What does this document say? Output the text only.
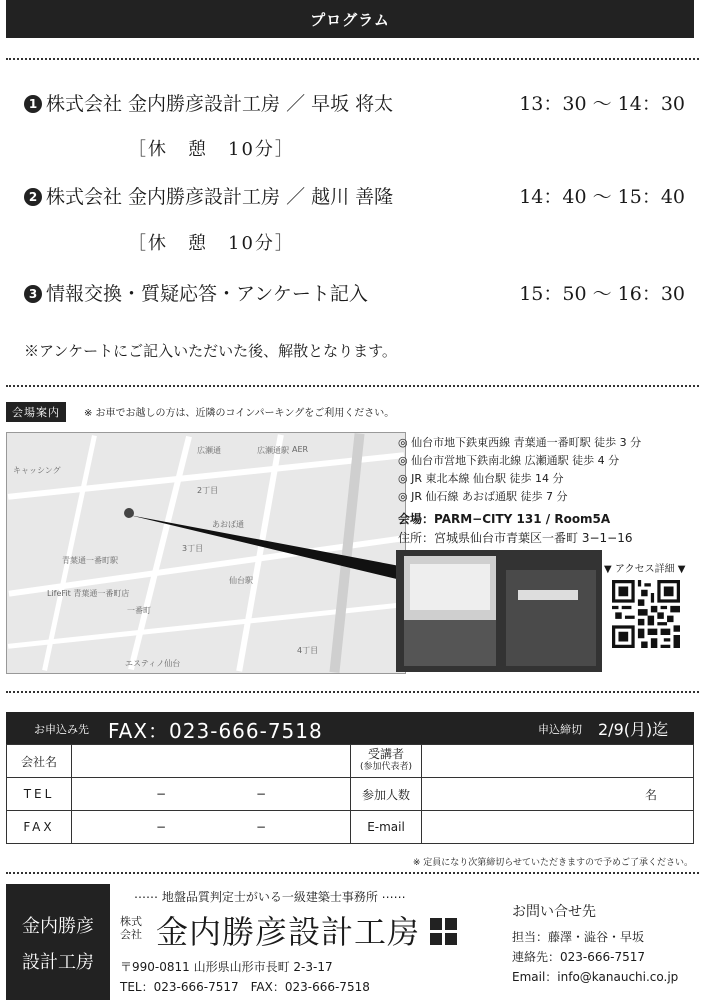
プログラム
1 株式会社 金内勝彦設計工房 ／ 早坂 将太	13：30 〜 14：30
［休　憩　10分］
2 株式会社 金内勝彦設計工房 ／ 越川 善隆	14：40 〜 15：40
［休　憩　10分］
3 情報交換・質疑応答・アンケート記入	15：50 〜 16：30
※アンケートにご記入いただいた後、解散となります。
会場案内	※ お車でお越しの方は、近隣のコインパーキングをご利用ください。
広瀬通	広瀬通駅 AER
キャッシング
青葉通一番町駅
あおば通
一番町
仙台駅
LifeFit 青葉通一番町店
エスティノ仙台
2丁目
3丁目
4丁目
◎ 仙台市地下鉄東西線 青葉通一番町駅 徒歩 3 分
◎ 仙台市営地下鉄南北線 広瀬通駅 徒歩 4 分
◎ JR 東北本線 仙台駅 徒歩 14 分
◎ JR 仙石線 あおば通駅 徒歩 7 分
会場：PARM−CITY 131 / Room5A
住所：宮城県仙台市青葉区一番町 3−1−16
▼ アクセス詳細 ▼
お申込み先 FAX：023-666-7518	申込締切 2/9(月)迄
会社名		受講者
(参加代表者)	

TEL	− −	参加人数	名
FAX	− −	E-mail	
※ 定員になり次第締切らせていただきますので予めご了承ください。
金内勝彦
設計工房
⋯⋯ 地盤品質判定士がいる一級建築士事務所 ⋯⋯
株式
会社 金内勝彦設計工房
〒990-0811 山形県山形市長町 2-3-17
TEL：023-666-7517　FAX：023-666-7518
お問い合せ先
担当：藤澤・澁谷・早坂
連絡先：023-666-7517
Email：info@kanauchi.co.jp
